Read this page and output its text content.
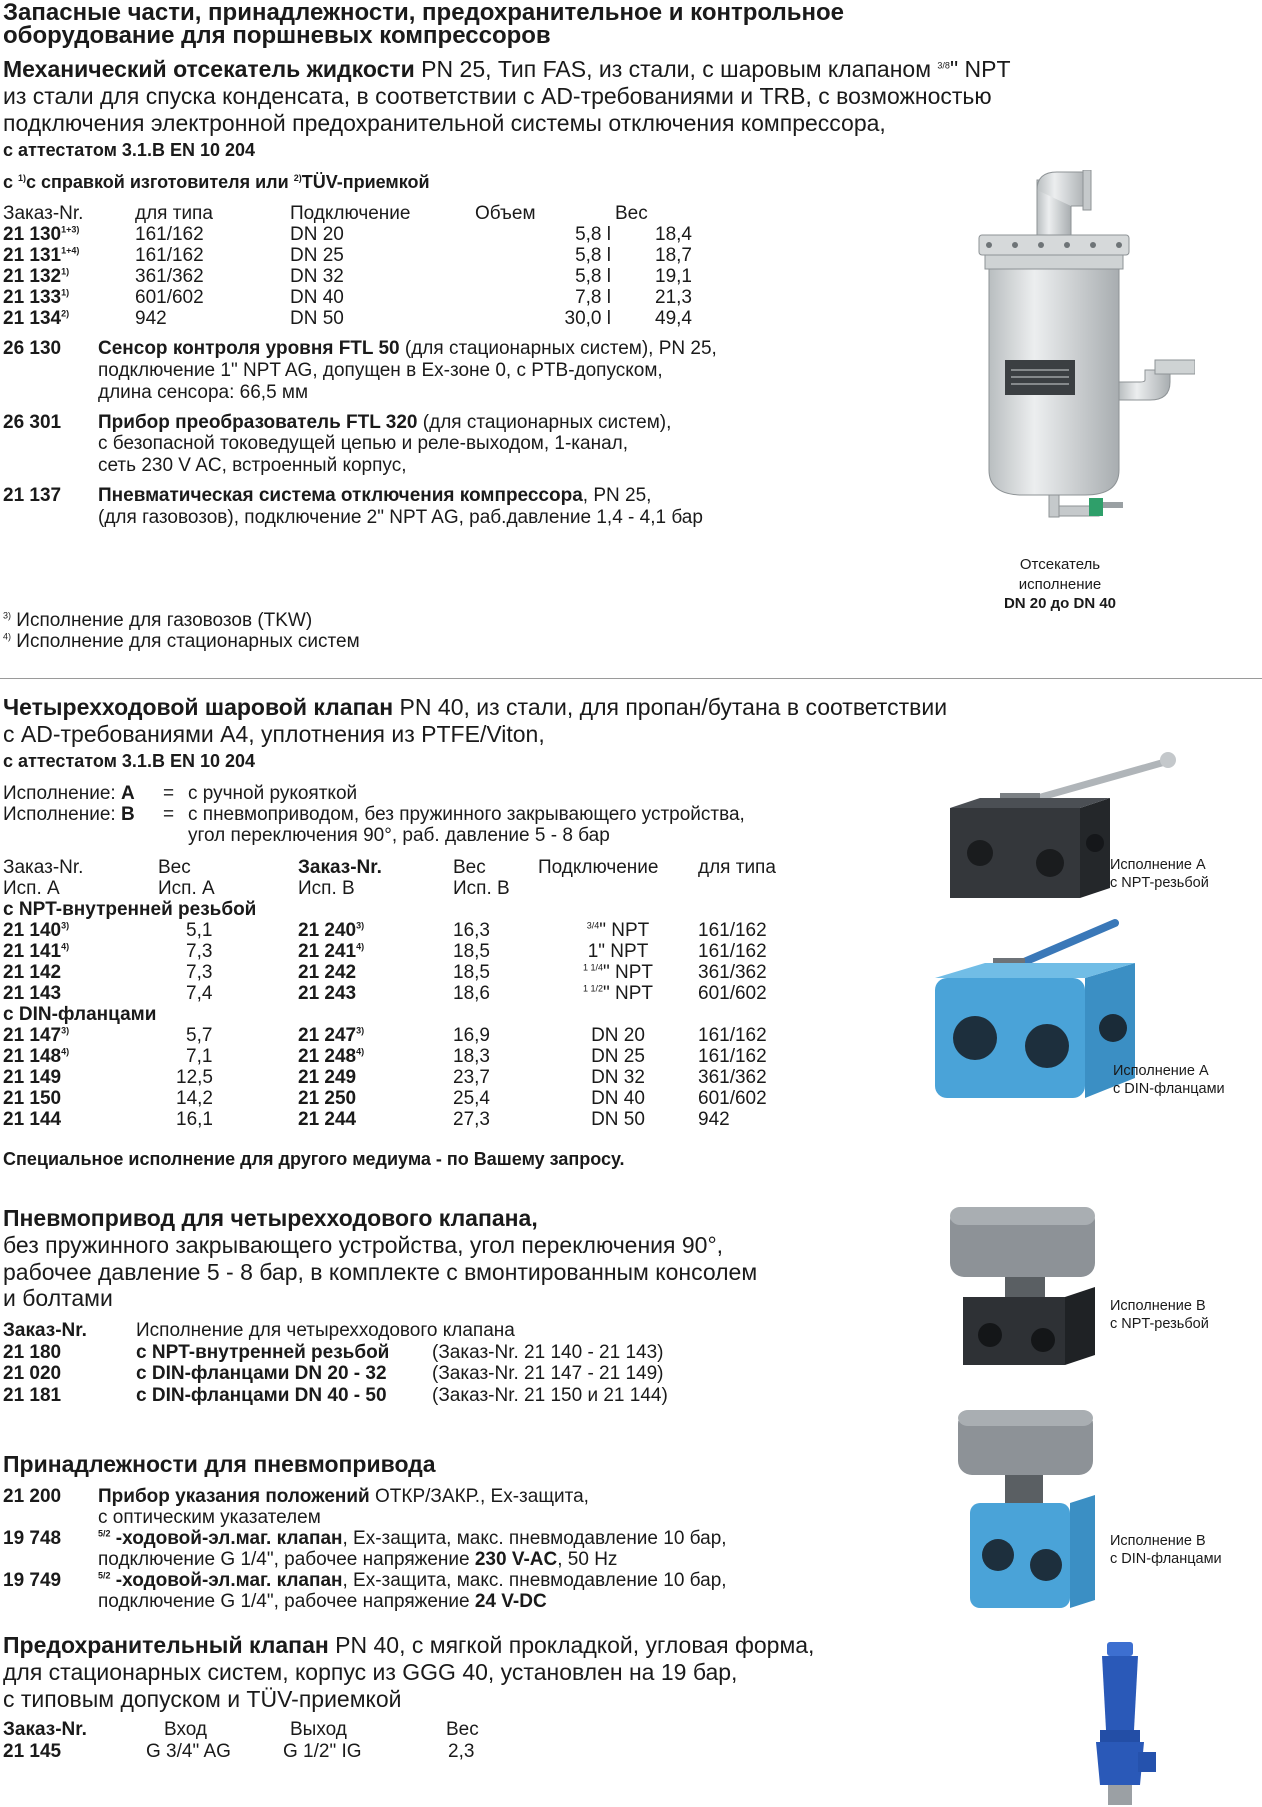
Запасные части, принадлежности, предохранительное и контрольное
оборудование для поршневых компрессоров
Механический отсекатель жидкости PN 25, Тип FAS, из стали, с шаровым клапаном $^{3/8}$" NPT
из стали для спуска конденсата, в соответствии с AD-требованиями и TRB, с возможностью
подключения электронной предохранительной системы отключения компрессора,
с аттестатом 3.1.B EN 10 204
с $^{1)}$с справкой изготовителя или $^{2)}$TÜV-приемкой
Заказ-Nr.	для типа	Подключение	Объем	Вес
21 $130^{1+3)}$	161/162	DN 20	5,8 l	18,4
21 $131^{1+4)}$	161/162	DN 25	5,8 l	18,7
21 132$^{1)}$	361/362	DN 32	5,8 l	19,1
21 133$^{1)}$	601/602	DN 40	7,8 l	21,3
21 134$^{2)}$	942	DN 50	30,0 l	49,4
26 130 Сенсор контроля уровня FTL 50 (для стационарных систем), PN 25,
подключение 1" NPT AG, допущен в Ex-зоне 0, с PTB-допуском,
длина сенсора: 66,5 мм
26 301 Прибор преобразователь FTL 320 (для стационарных систем),
с безопасной токоведущей цепью и реле-выходом, 1-канал,
сеть 230 V AC, встроенный корпус,
21 137 Пневматическая система отключения компрессора, PN 25,
(для газовозов), подключение 2" NPT AG, раб.давление 1,4 - 4,1 бар
$^{3)}$ Исполнение для газовозов (TKW)
$^{4)}$ Исполнение для стационарных систем
Отсекатель
исполнение
DN 20 до DN 40
Четырехходовой шаровой клапан PN 40, из стали, для пропан/бутана в соответствии
с AD-требованиями A4, уплотнения из PTFE/Viton,
с аттестатом 3.1.B EN 10 204
Исполнение: A = с ручной рукояткой
Исполнение: B = с пневмоприводом, без пружинного закрывающего устройства,
угол переключения 90°, раб. давление 5 - 8 бар
Заказ-Nr.	Вес	Заказ-Nr.	Вес	Подключение	для типа
Исп. A	Исп. A	Исп. B	Исп. B		
с NPT-внутренней резьбой					
21 140$^{3)}$	5,1	21 240$^{3)}$	16,3	$^{3/4}$" NPT	161/162
21 141$^{4)}$	7,3	21 241$^{4)}$	18,5	1" NPT	161/162
21 142	7,3	21 242	18,5	$^{1 1/4}$" NPT	361/362
21 143	7,4	21 243	18,6	$^{1 1/2}$" NPT	601/602
с DIN-фланцами					
21 147$^{3)}$	5,7	21 247$^{3)}$	16,9	DN 20	161/162
21 148$^{4)}$	7,1	21 248$^{4)}$	18,3	DN 25	161/162
21 149	12,5	21 249	23,7	DN 32	361/362
21 150	14,2	21 250	25,4	DN 40	601/602
21 144	16,1	21 244	27,3	DN 50	942
Специальное исполнение для другого медиума - по Вашему запросу.
Исполнение A
с NPT-резьбой
Исполнение A
с DIN-фланцами
Пневмопривод для четырехходового клапана,
без пружинного закрывающего устройства, угол переключения 90°,
рабочее давление 5 - 8 бар, в комплекте с вмонтированным консолем
и болтами
Заказ-Nr.	Исполнение для четырехходового клапана
21 180	с NPT-внутренней резьбой (Заказ-Nr. 21 140 - 21 143)
21 020	с DIN-фланцами DN 20 - 32 (Заказ-Nr. 21 147 - 21 149)
21 181	с DIN-фланцами DN 40 - 50 (Заказ-Nr. 21 150 и 21 144)
Исполнение B
с NPT-резьбой
Принадлежности для пневмопривода
21 200 Прибор указания положений ОТКР/ЗАКР., Ex-защита,
с оптическим указателем
19 748	$^{5/2}$ -ходовой-эл.маг. клапан, Ex-защита, макс. пневмодавление 10 бар,
подключение G 1/4", рабочее напряжение 230 V-AC, 50 Hz
19 749	$^{5/2}$ -ходовой-эл.маг. клапан, Ex-защита, макс. пневмодавление 10 бар,
подключение G 1/4", рабочее напряжение 24 V-DC
Исполнение B
с DIN-фланцами
Предохранительный клапан PN 40, с мягкой прокладкой, угловая форма,
для стационарных систем, корпус из GGG 40, установлен на 19 бар,
с типовым допуском и TÜV-приемкой
Заказ-Nr.	Вход	Выход	Вес
21 145	G 3/4" AG	G 1/2" IG	2,3
